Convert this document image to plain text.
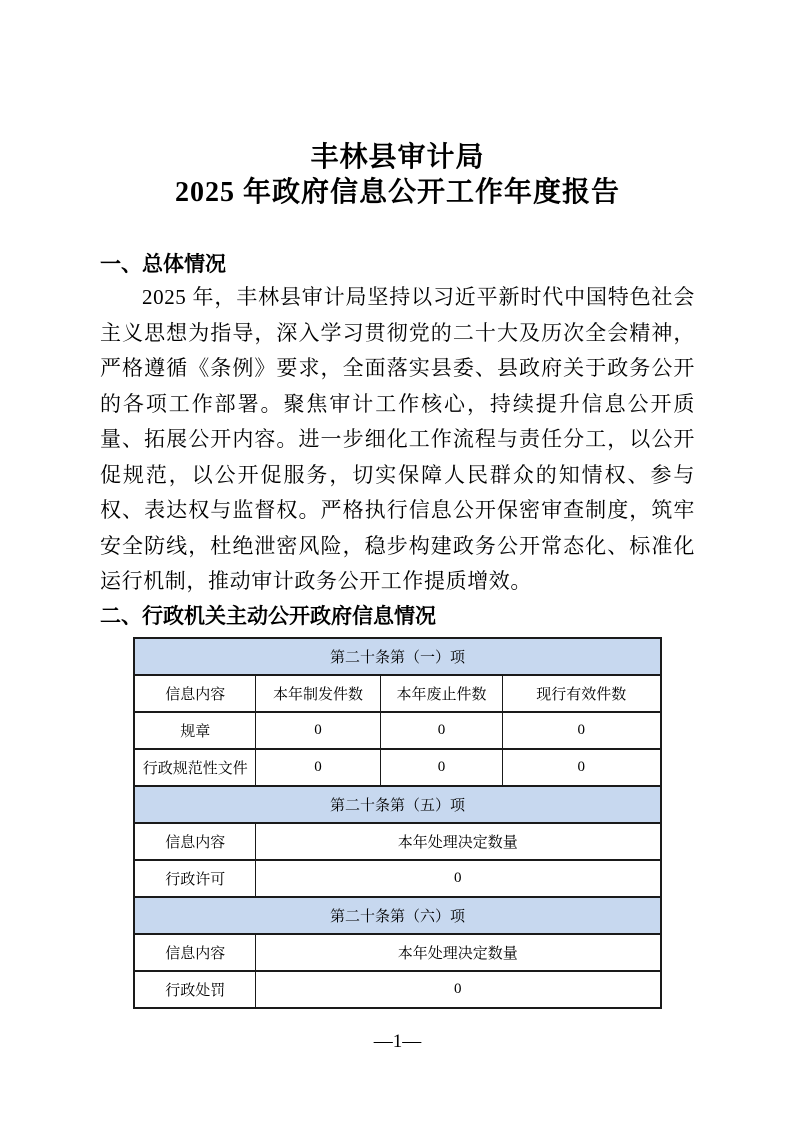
丰林县审计局
2025 年政府信息公开工作年度报告
一、总体情况
2025 年，丰林县审计局坚持以习近平新时代中国特色社会主义思想为指导，深入学习贯彻党的二十大及历次全会精神，严格遵循《条例》要求，全面落实县委、县政府关于政务公开的各项工作部署。聚焦审计工作核心，持续提升信息公开质量、拓展公开内容。进一步细化工作流程与责任分工，以公开促规范，以公开促服务，切实保障人民群众的知情权、参与权、表达权与监督权。严格执行信息公开保密审查制度，筑牢安全防线，杜绝泄密风险，稳步构建政务公开常态化、标准化运行机制，推动审计政务公开工作提质增效。
二、行政机关主动公开政府信息情况
第二十条第（一）项			
信息内容	本年制发件数	本年废止件数	现行有效件数
规章	0	0	0
行政规范性文件	0	0	0
第二十条第（五）项			
信息内容	本年处理决定数量		
行政许可	0		
第二十条第（六）项			
信息内容	本年处理决定数量		
行政处罚	0		
—1—
